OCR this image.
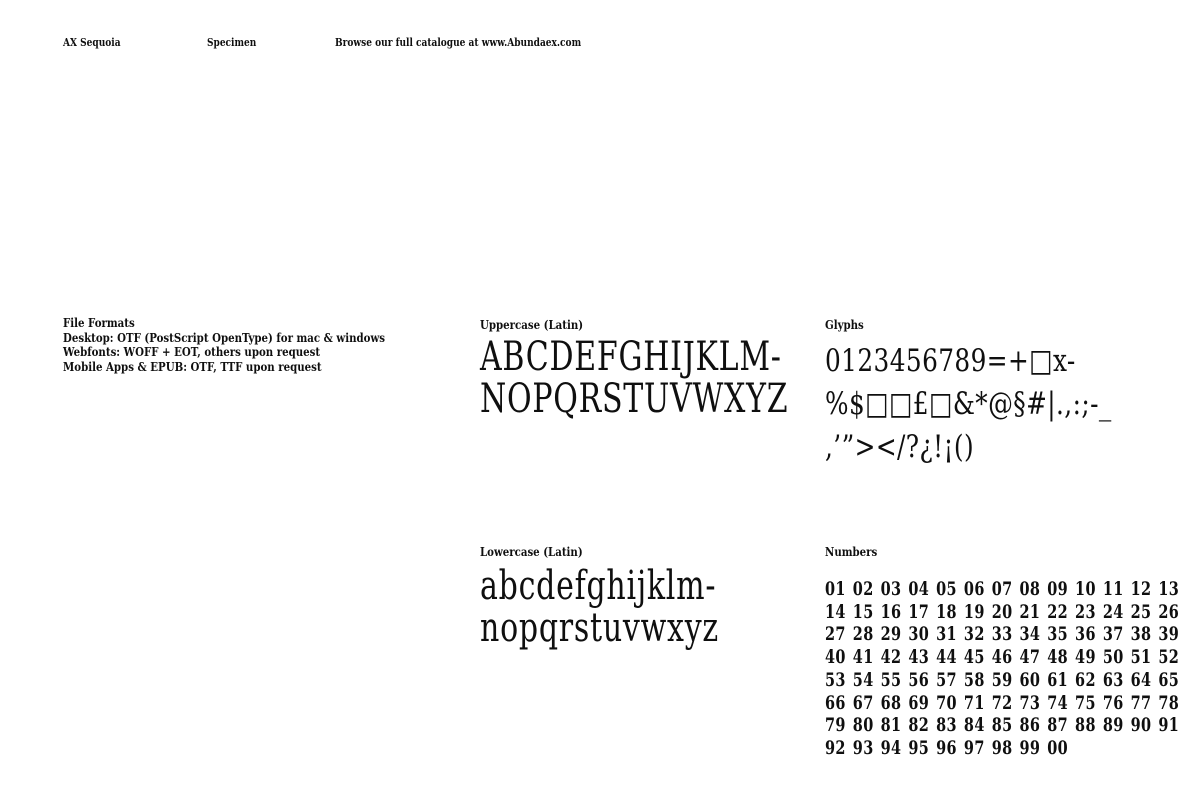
AX Sequoia	Specimen	Browse our full catalogue at www.Abundaex.com
File Formats
Desktop: OTF (PostScript OpenType) for mac & windows
Webfonts: WOFF + EOT, others upon request
Mobile Apps & EPUB: OTF, TTF upon request
Uppercase (Latin)
ABCDEFGHIJKLM-
NOPQRSTUVWXYZ
Lowercase (Latin)
abcdefghijklm-
nopqrstuvwxyz
Glyphs
0123456789=+□x-
%$□□£□&*@§#|.,:;-_
,’”></?¿!¡()
Numbers
01 02 03 04 05 06 07 08 09 10 11 12 13
14 15 16 17 18 19 20 21 22 23 24 25 26
27 28 29 30 31 32 33 34 35 36 37 38 39
40 41 42 43 44 45 46 47 48 49 50 51 52
53 54 55 56 57 58 59 60 61 62 63 64 65
66 67 68 69 70 71 72 73 74 75 76 77 78
79 80 81 82 83 84 85 86 87 88 89 90 91
92 93 94 95 96 97 98 99 00
